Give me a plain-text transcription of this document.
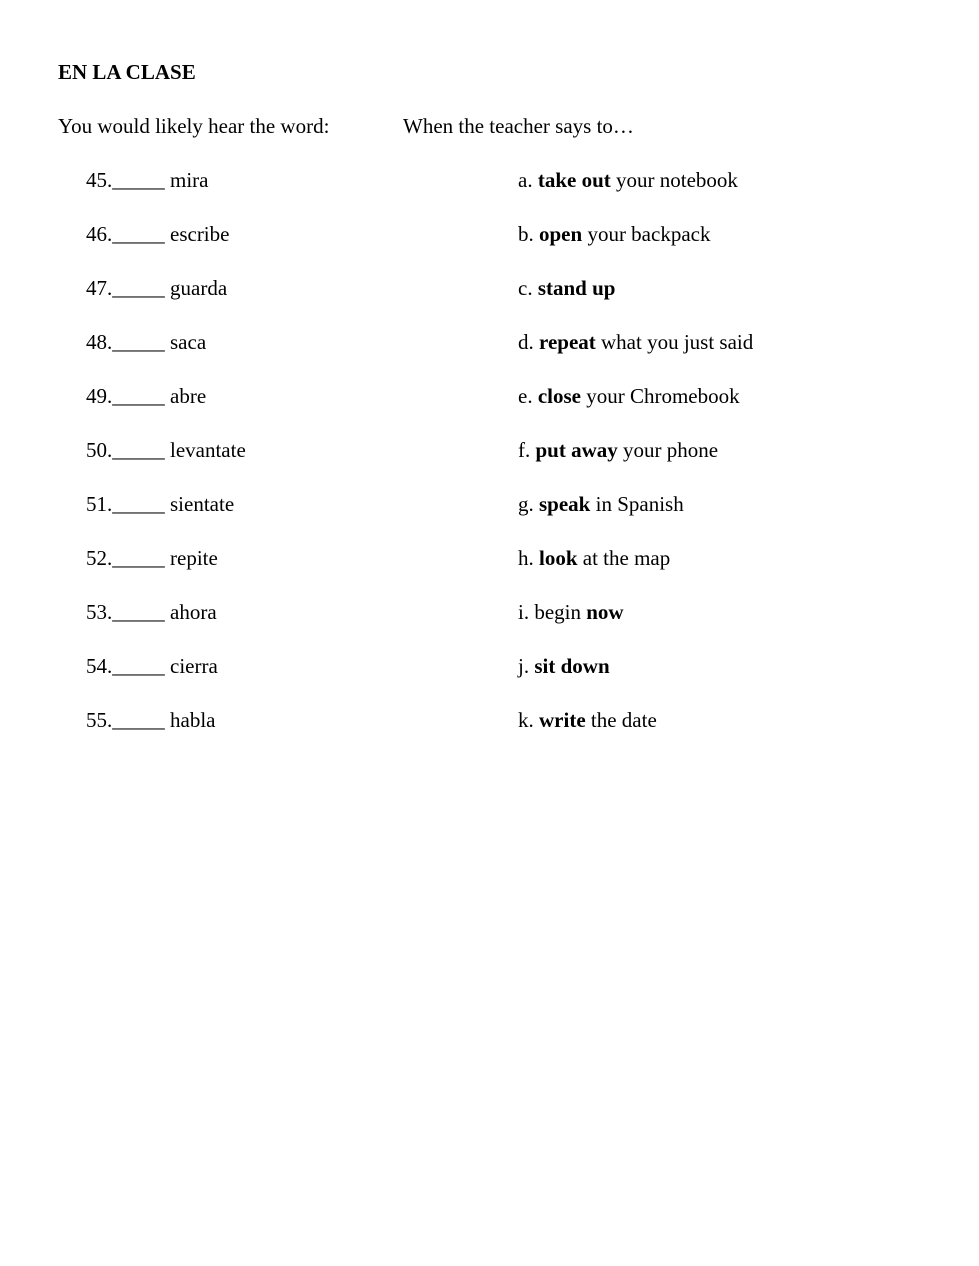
EN LA CLASE
You would likely hear the word:	When the teacher says to…
45._____ mira
46._____ escribe
47._____ guarda
48._____ saca
49._____ abre
50._____ levantate
51._____ sientate
52._____ repite
53._____ ahora
54._____ cierra
55._____ habla
a. take out your notebook
b. open your backpack
c. stand up
d. repeat what you just said
e. close your Chromebook
f. put away your phone
g. speak in Spanish
h. look at the map
i. begin now
j. sit down
k. write the date
